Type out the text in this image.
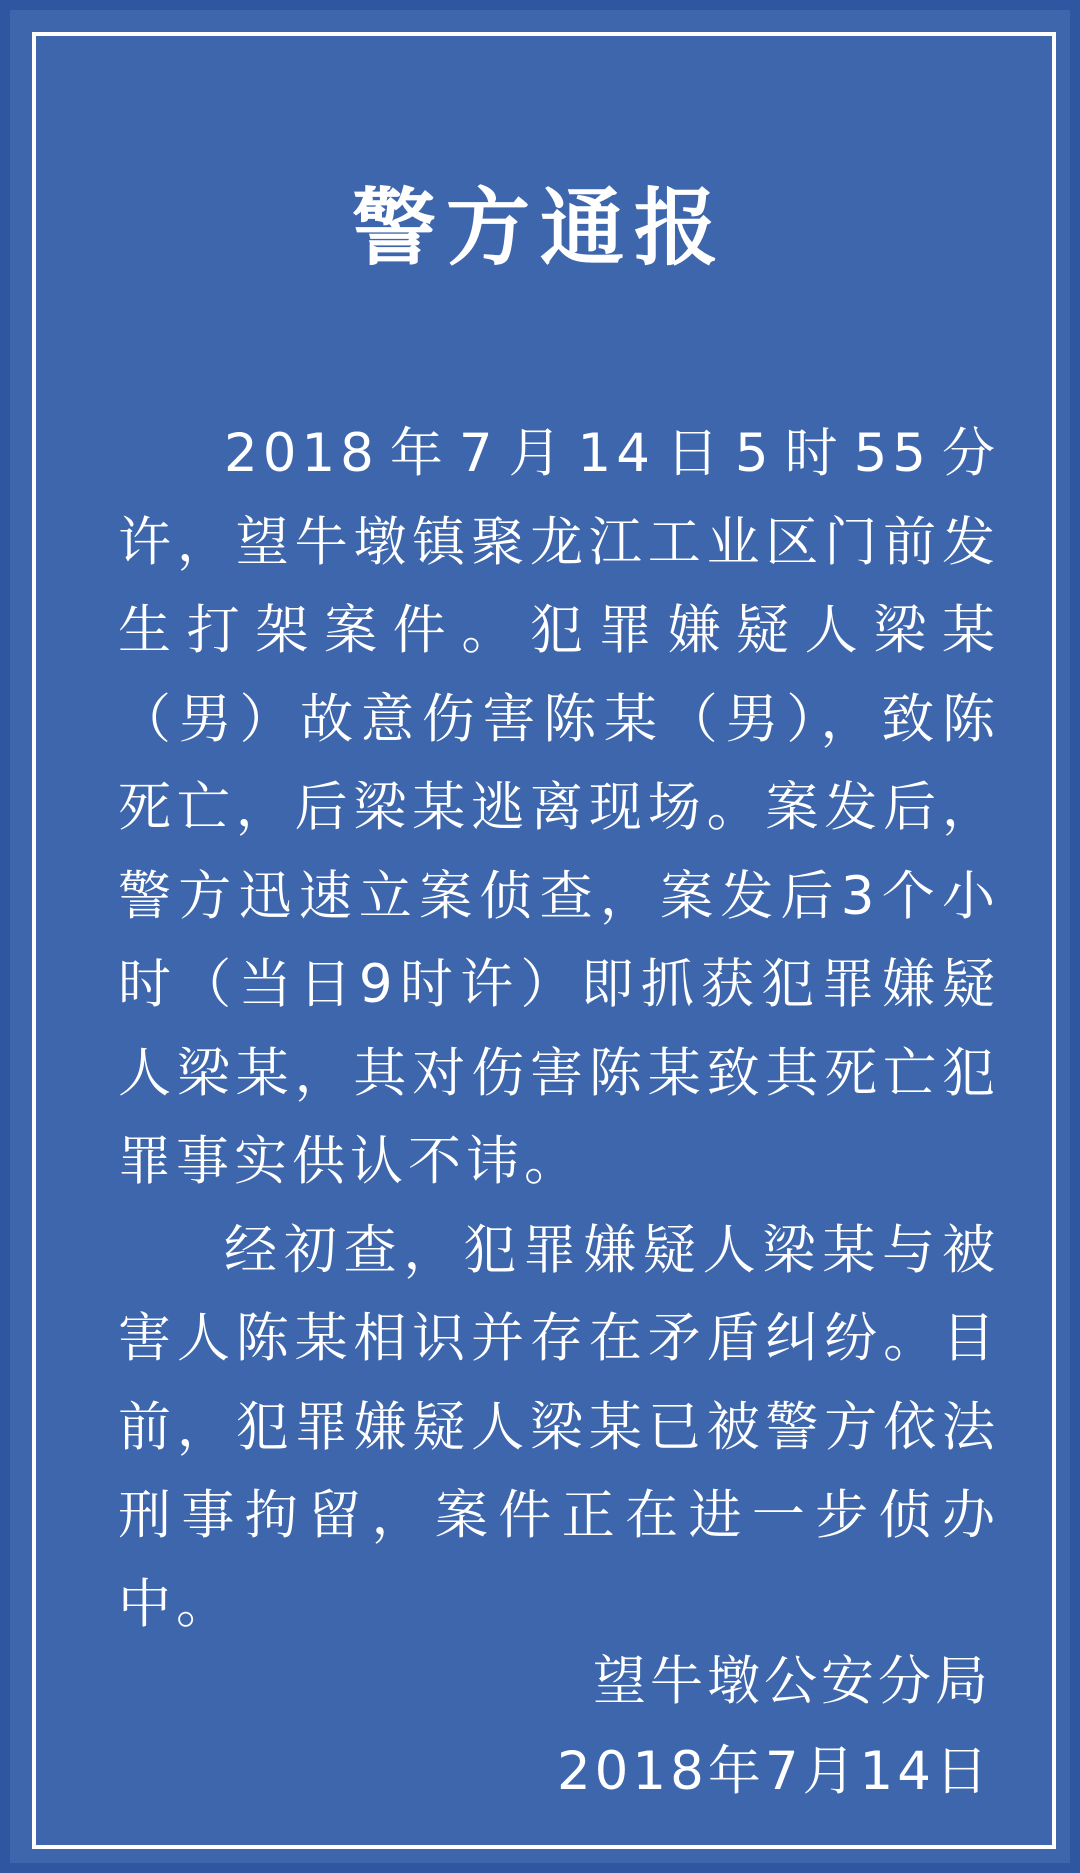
警方通报

2018年7月14日5时55分许，望牛墩镇聚龙江工业区门前发生打架案件。犯罪嫌疑人梁某（男）故意伤害陈某（男），致陈死亡，后梁某逃离现场。案发后，警方迅速立案侦查，案发后3个小时（当日9时许）即抓获犯罪嫌疑人梁某，其对伤害陈某致其死亡犯罪事实供认不讳。

经初查，犯罪嫌疑人梁某与被害人陈某相识并存在矛盾纠纷。目前，犯罪嫌疑人梁某已被警方依法刑事拘留，案件正在进一步侦办中。

望牛墩公安分局
2018年7月14日
